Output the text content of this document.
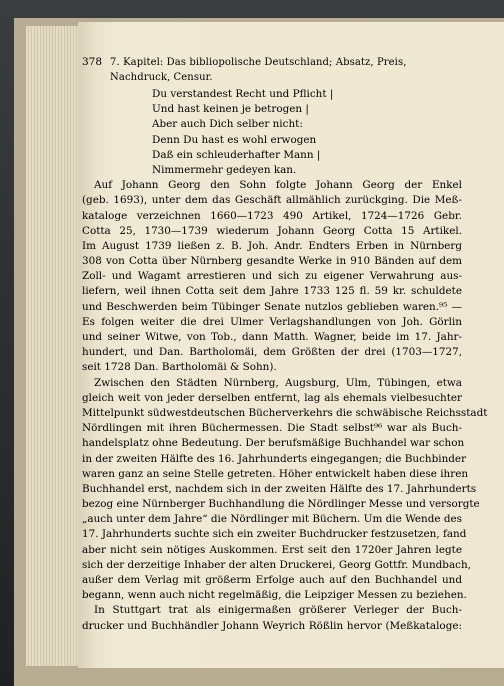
378 7. Kapitel: Das bibliopolische Deutschland; Absatz, Preis, Nachdruck, Censur.
Du verstandest Recht und Pflicht |
Und hast keinen je betrogen |
Aber auch Dich selber nicht:
Denn Du hast es wohl erwogen
Daß ein schleuderhafter Mann |
Nimmermehr gedeyen kan.
Auf Johann Georg den Sohn folgte Johann Georg der Enkel
(geb. 1693), unter dem das Geschäft allmählich zurückging. Die Meß-
kataloge verzeichnen 1660—1723 490 Artikel, 1724—1726 Gebr.
Cotta 25, 1730—1739 wiederum Johann Georg Cotta 15 Artikel.
Im August 1739 ließen z. B. Joh. Andr. Endters Erben in Nürnberg
308 von Cotta über Nürnberg gesandte Werke in 910 Bänden auf dem
Zoll- und Wagamt arrestieren und sich zu eigener Verwahrung aus-
liefern, weil ihnen Cotta seit dem Jahre 1733 125 fl. 59 kr. schuldete
und Beschwerden beim Tübinger Senate nutzlos geblieben waren.⁹⁵ —
Es folgen weiter die drei Ulmer Verlagshandlungen von Joh. Görlin
und seiner Witwe, von Tob., dann Matth. Wagner, beide im 17. Jahr-
hundert, und Dan. Bartholomäi, dem Größten der drei (1703—1727,
seit 1728 Dan. Bartholomäi & Sohn).
Zwischen den Städten Nürnberg, Augsburg, Ulm, Tübingen, etwa
gleich weit von jeder derselben entfernt, lag als ehemals vielbesuchter
Mittelpunkt südwestdeutschen Bücherverkehrs die schwäbische Reichsstadt
Nördlingen mit ihren Büchermessen. Die Stadt selbst⁹⁶ war als Buch-
handelsplatz ohne Bedeutung. Der berufsmäßige Buchhandel war schon
in der zweiten Hälfte des 16. Jahrhunderts eingegangen; die Buchbinder
waren ganz an seine Stelle getreten. Höher entwickelt haben diese ihren
Buchhandel erst, nachdem sich in der zweiten Hälfte des 17. Jahrhunderts
bezog eine Nürnberger Buchhandlung die Nördlinger Messe und versorgte
„auch unter dem Jahre“ die Nördlinger mit Büchern. Um die Wende des
17. Jahrhunderts suchte sich ein zweiter Buchdrucker festzusetzen, fand
aber nicht sein nötiges Auskommen. Erst seit den 1720er Jahren legte
sich der derzeitige Inhaber der alten Druckerei, Georg Gottfr. Mundbach,
außer dem Verlag mit größerm Erfolge auch auf den Buchhandel und
begann, wenn auch nicht regelmäßig, die Leipziger Messen zu beziehen.
In Stuttgart trat als einigermaßen größerer Verleger der Buch-
drucker und Buchhändler Johann Weyrich Rößlin hervor (Meßkataloge:
